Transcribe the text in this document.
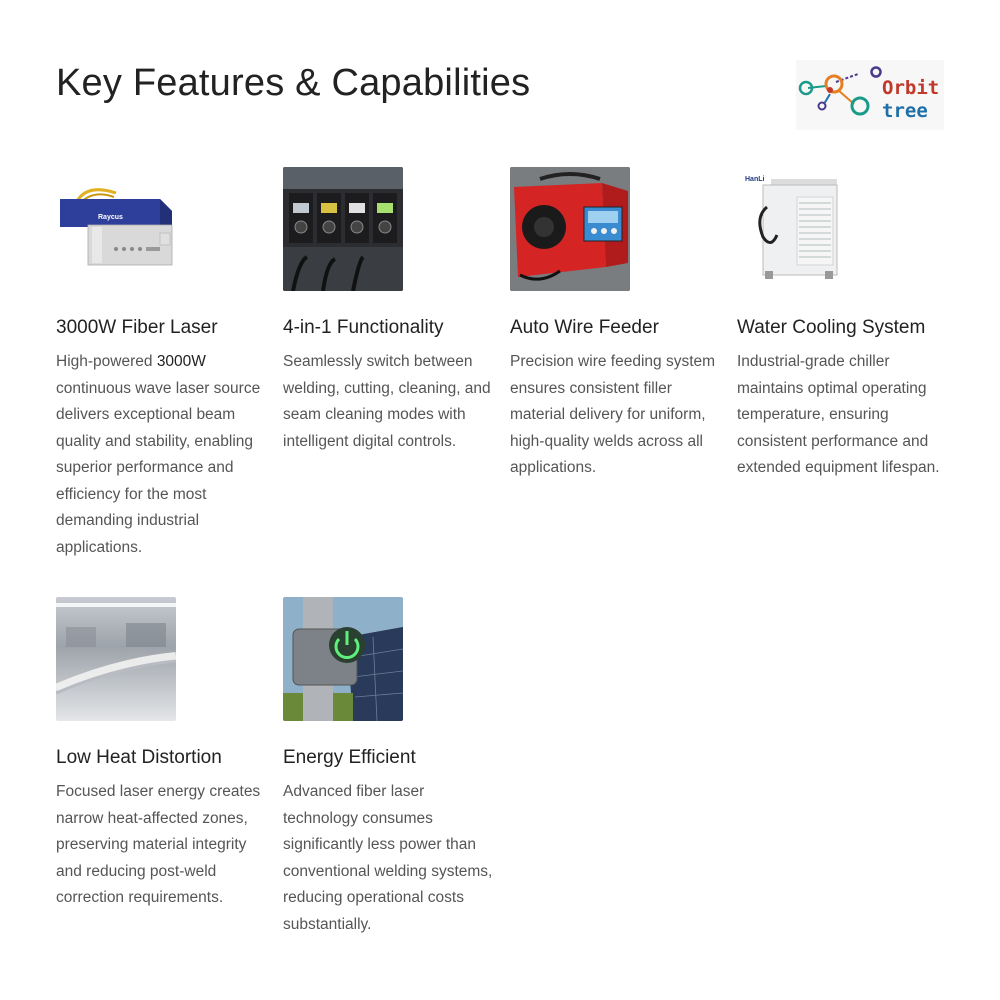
Key Features & Capabilities	Orbit
tree
Raycus
3000W Fiber Laser

High-powered 3000W continuous wave laser source delivers exceptional beam quality and stability, enabling superior performance and efficiency for the most demanding industrial applications.

4-in-1 Functionality

Seamlessly switch between welding, cutting, cleaning, and seam cleaning modes with intelligent digital controls.

Auto Wire Feeder

Precision wire feeding system ensures consistent filler material delivery for uniform, high-quality welds across all applications.

HanLi
Water Cooling System

Industrial-grade chiller maintains optimal operating temperature, ensuring consistent performance and extended equipment lifespan.

Low Heat Distortion

Focused laser energy creates narrow heat-affected zones, preserving material integrity and reducing post-weld correction requirements.

Energy Efficient

Advanced fiber laser technology consumes significantly less power than conventional welding systems, reducing operational costs substantially.
